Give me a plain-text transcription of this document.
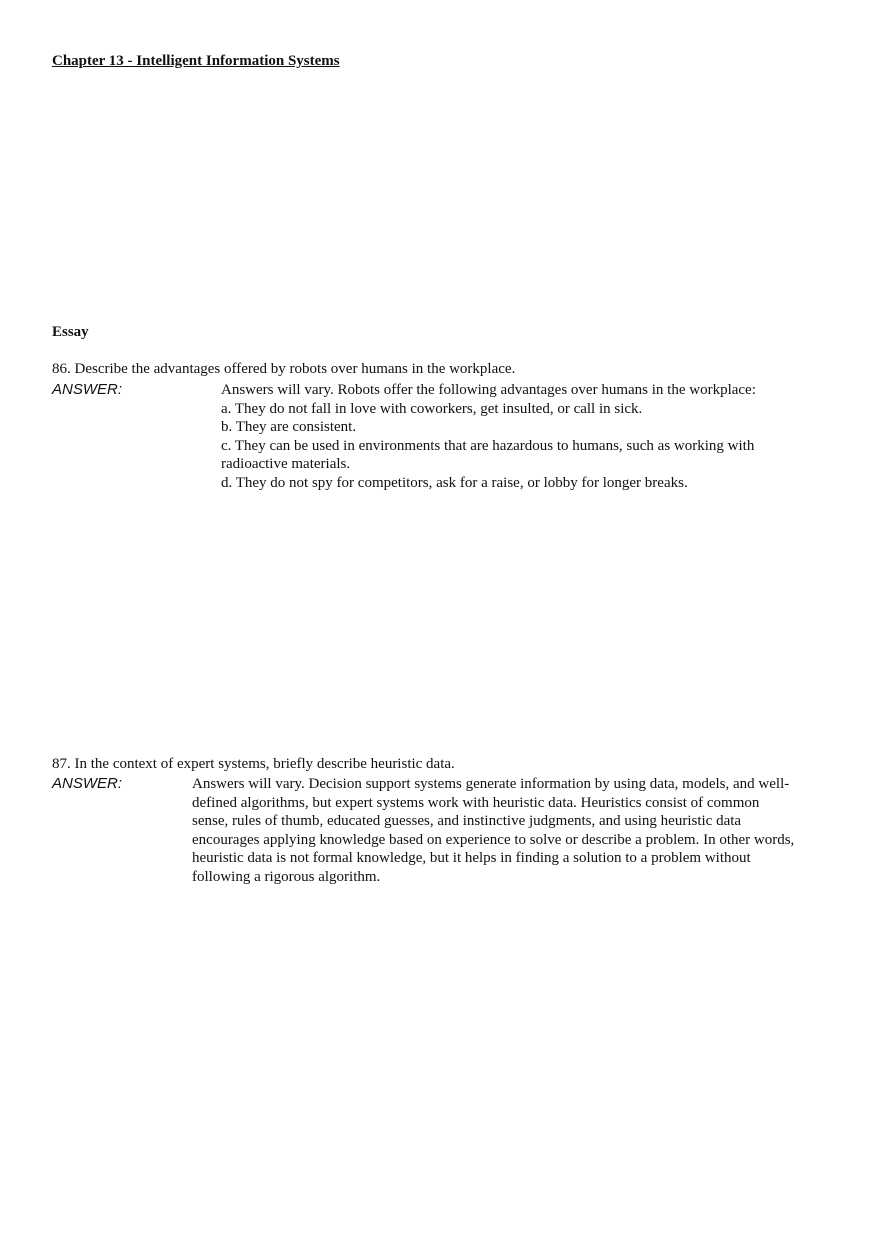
Chapter 13 - Intelligent Information Systems
Essay
86. Describe the advantages offered by robots over humans in the workplace.
ANSWER:	Answers will vary. Robots offer the following advantages over humans in the workplace:
a. They do not fall in love with coworkers, get insulted, or call in sick.
b. They are consistent.
c. They can be used in environments that are hazardous to humans, such as working with
radioactive materials.
d. They do not spy for competitors, ask for a raise, or lobby for longer breaks.
87. In the context of expert systems, briefly describe heuristic data.
ANSWER:	Answers will vary. Decision support systems generate information by using data, models, and well-
defined algorithms, but expert systems work with heuristic data. Heuristics consist of common
sense, rules of thumb, educated guesses, and instinctive judgments, and using heuristic data
encourages applying knowledge based on experience to solve or describe a problem. In other words,
heuristic data is not formal knowledge, but it helps in finding a solution to a problem without
following a rigorous algorithm.
